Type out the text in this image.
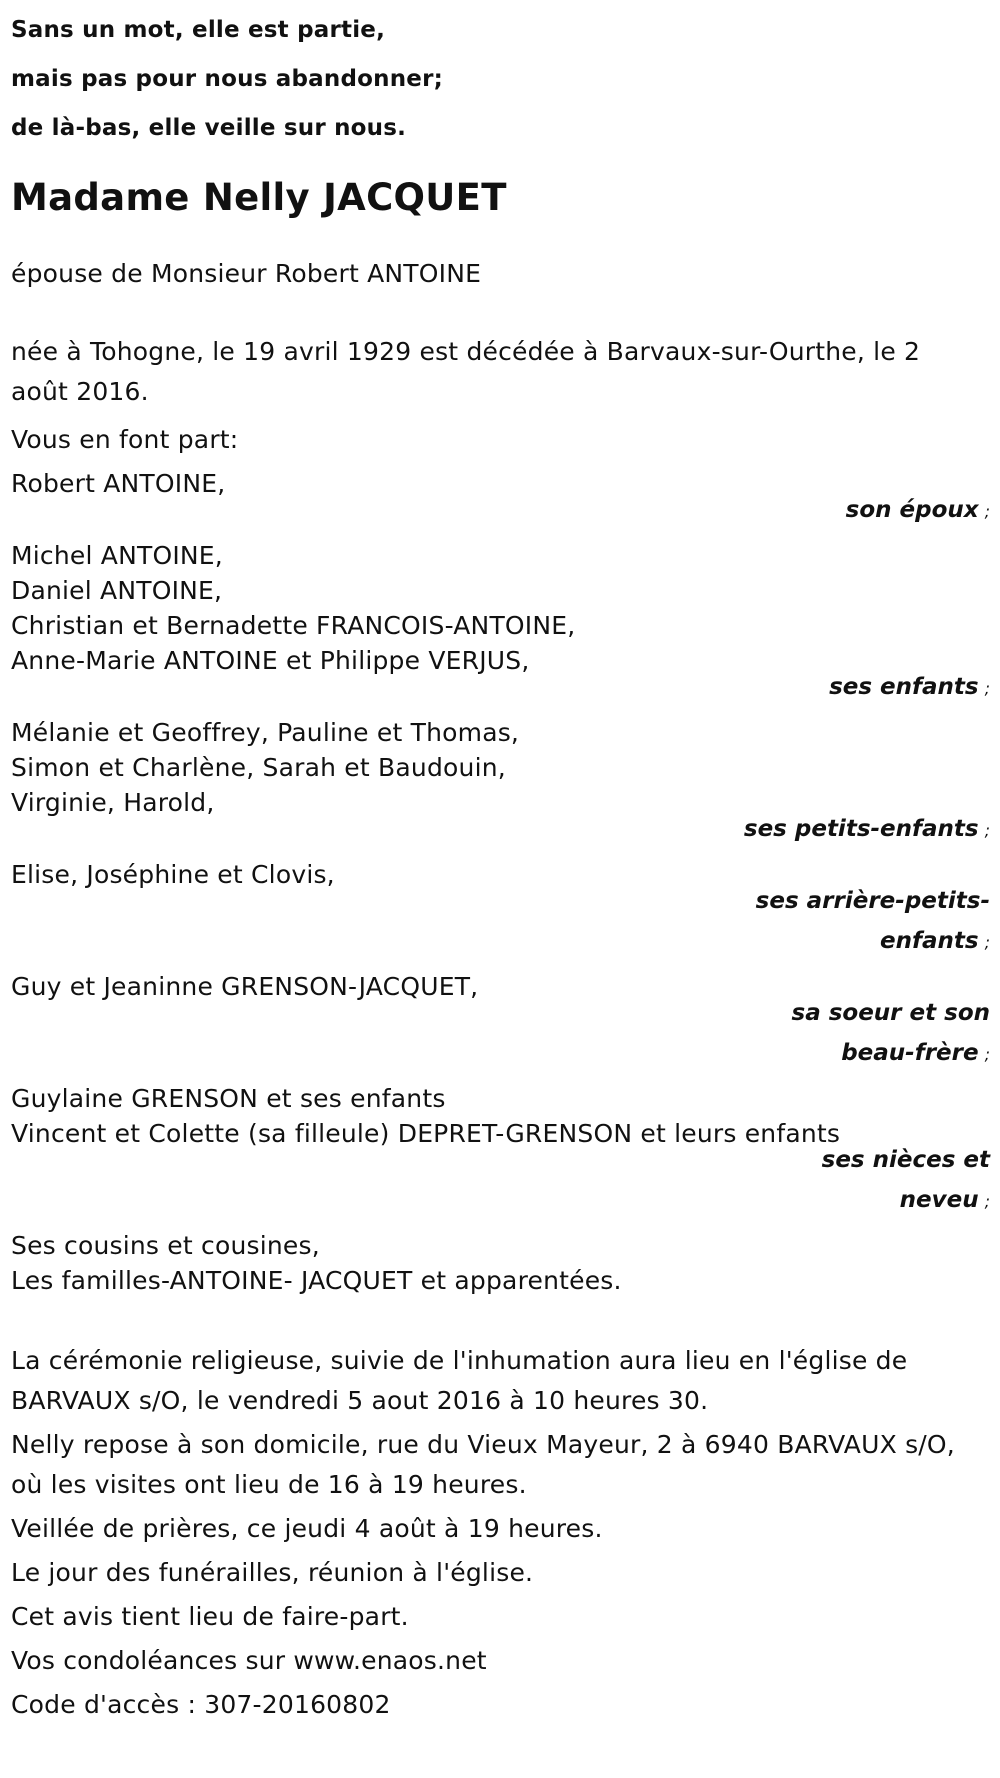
Sans un mot, elle est partie,
mais pas pour nous abandonner;
de là-bas, elle veille sur nous.
Madame Nelly JACQUET
épouse de Monsieur Robert ANTOINE
née à Tohogne, le 19 avril 1929 est décédée à Barvaux-sur-Ourthe, le 2
août 2016.
Vous en font part:
Robert ANTOINE,
son époux ;
Michel ANTOINE,
Daniel ANTOINE,
Christian et Bernadette FRANCOIS-ANTOINE,
Anne-Marie ANTOINE et Philippe VERJUS,
ses enfants ;
Mélanie et Geoffrey, Pauline et Thomas,
Simon et Charlène, Sarah et Baudouin,
Virginie, Harold,
ses petits-enfants ;
Elise, Joséphine et Clovis,
ses arrière-petits-
enfants ;
Guy et Jeaninne GRENSON-JACQUET,
sa soeur et son
beau-frère ;
Guylaine GRENSON et ses enfants
Vincent et Colette (sa filleule) DEPRET-GRENSON et leurs enfants
ses nièces et
neveu ;
Ses cousins et cousines,
Les familles-ANTOINE- JACQUET et apparentées.
La cérémonie religieuse, suivie de l'inhumation aura lieu en l'église de
BARVAUX s/O, le vendredi 5 aout 2016 à 10 heures 30.
Nelly repose à son domicile, rue du Vieux Mayeur, 2 à 6940 BARVAUX s/O,
où les visites ont lieu de 16 à 19 heures.
Veillée de prières, ce jeudi 4 août à 19 heures.
Le jour des funérailles, réunion à l'église.
Cet avis tient lieu de faire-part.
Vos condoléances sur www.enaos.net
Code d'accès : 307-20160802
